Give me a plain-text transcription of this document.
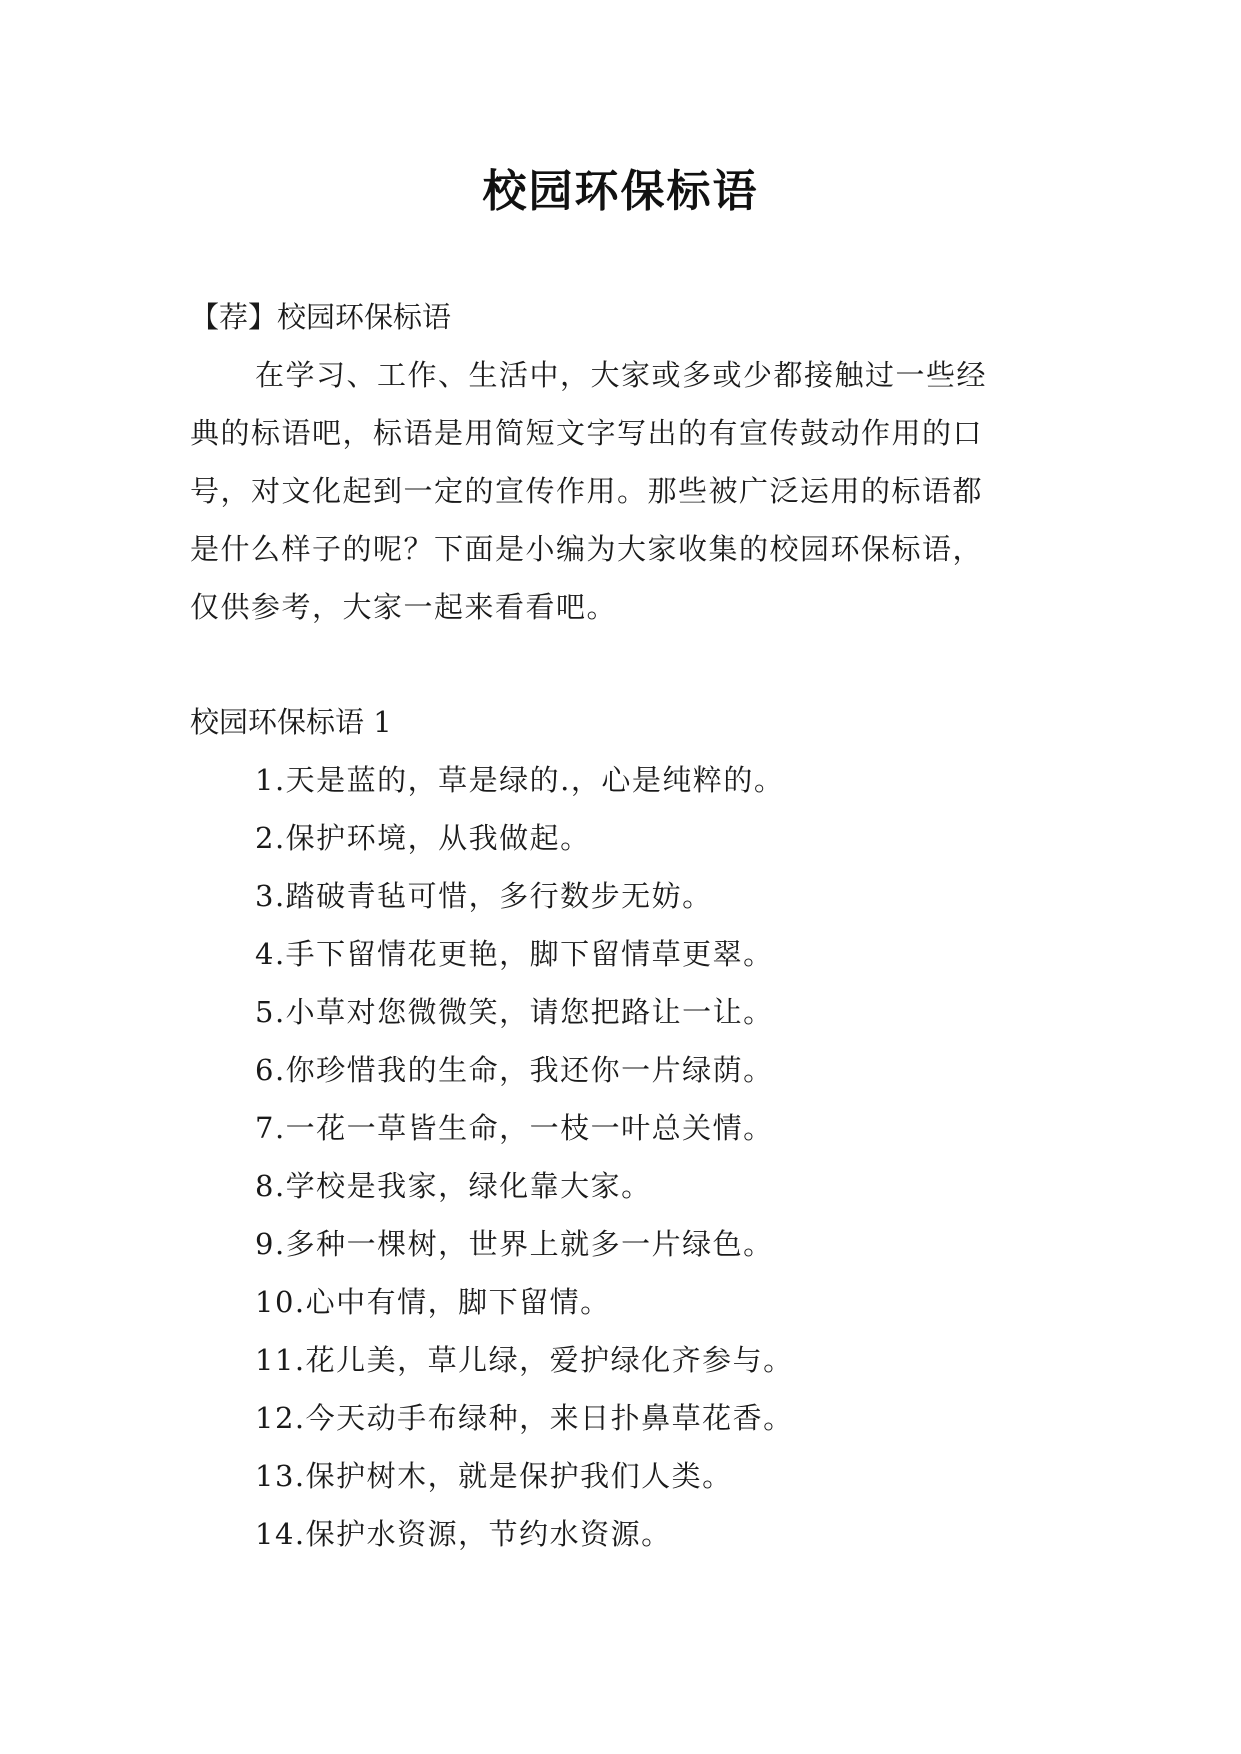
校园环保标语
【荐】校园环保标语
在学习、工作、生活中，大家或多或少都接触过一些经
典的标语吧，标语是用简短文字写出的有宣传鼓动作用的口
号，对文化起到一定的宣传作用。那些被广泛运用的标语都
是什么样子的呢？下面是小编为大家收集的校园环保标语，
仅供参考，大家一起来看看吧。
校园环保标语 1
1.天是蓝的，草是绿的.，心是纯粹的。
2.保护环境，从我做起。
3.踏破青毡可惜，多行数步无妨。
4.手下留情花更艳，脚下留情草更翠。
5.小草对您微微笑，请您把路让一让。
6.你珍惜我的生命，我还你一片绿荫。
7.一花一草皆生命，一枝一叶总关情。
8.学校是我家，绿化靠大家。
9.多种一棵树，世界上就多一片绿色。
10.心中有情，脚下留情。
11.花儿美，草儿绿，爱护绿化齐参与。
12.今天动手布绿种，来日扑鼻草花香。
13.保护树木，就是保护我们人类。
14.保护水资源，节约水资源。
